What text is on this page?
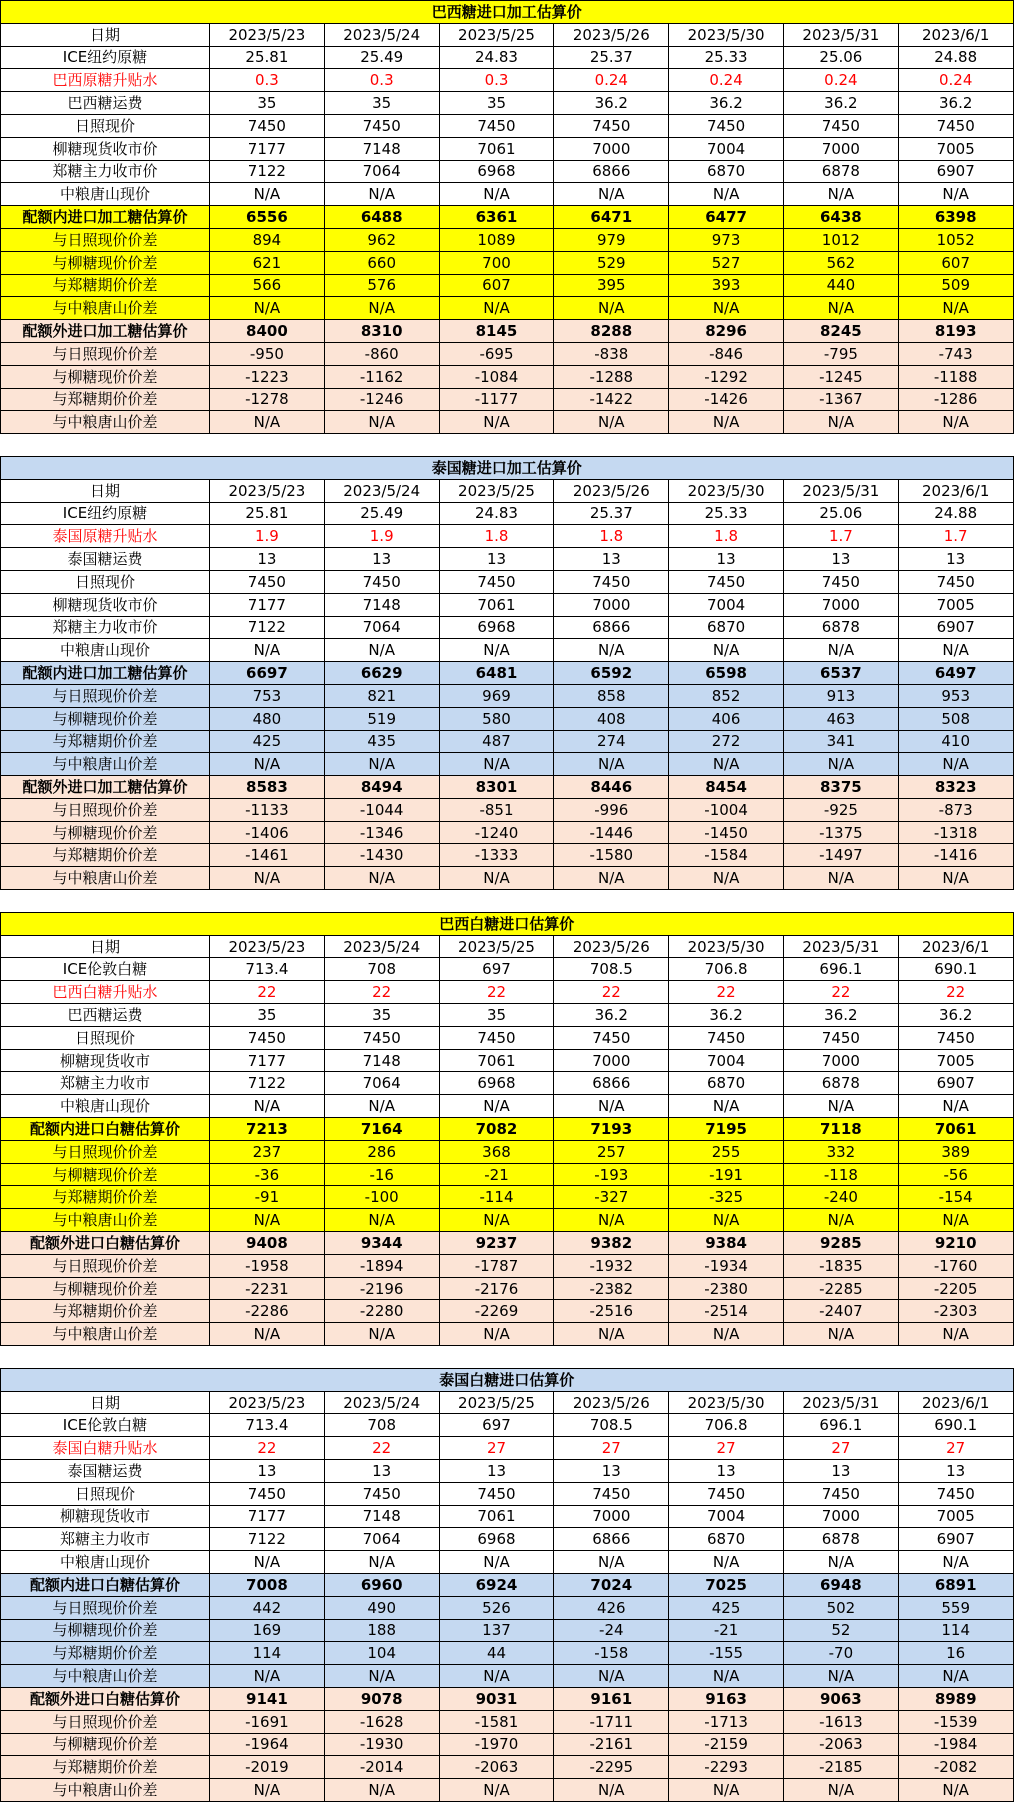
巴西糖进口加工估算价							
日期	2023/5/23	2023/5/24	2023/5/25	2023/5/26	2023/5/30	2023/5/31	2023/6/1
ICE纽约原糖	25.81	25.49	24.83	25.37	25.33	25.06	24.88
巴西原糖升贴水	0.3	0.3	0.3	0.24	0.24	0.24	0.24
巴西糖运费	35	35	35	36.2	36.2	36.2	36.2
日照现价	7450	7450	7450	7450	7450	7450	7450
柳糖现货收市价	7177	7148	7061	7000	7004	7000	7005
郑糖主力收市价	7122	7064	6968	6866	6870	6878	6907
中粮唐山现价	N/A	N/A	N/A	N/A	N/A	N/A	N/A
配额内进口加工糖估算价	6556	6488	6361	6471	6477	6438	6398
与日照现价价差	894	962	1089	979	973	1012	1052
与柳糖现价价差	621	660	700	529	527	562	607
与郑糖期价价差	566	576	607	395	393	440	509
与中粮唐山价差	N/A	N/A	N/A	N/A	N/A	N/A	N/A
配额外进口加工糖估算价	8400	8310	8145	8288	8296	8245	8193
与日照现价价差	-950	-860	-695	-838	-846	-795	-743
与柳糖现价价差	-1223	-1162	-1084	-1288	-1292	-1245	-1188
与郑糖期价价差	-1278	-1246	-1177	-1422	-1426	-1367	-1286
与中粮唐山价差	N/A	N/A	N/A	N/A	N/A	N/A	N/A

泰国糖进口加工估算价							
日期	2023/5/23	2023/5/24	2023/5/25	2023/5/26	2023/5/30	2023/5/31	2023/6/1
ICE纽约原糖	25.81	25.49	24.83	25.37	25.33	25.06	24.88
泰国原糖升贴水	1.9	1.9	1.8	1.8	1.8	1.7	1.7
泰国糖运费	13	13	13	13	13	13	13
日照现价	7450	7450	7450	7450	7450	7450	7450
柳糖现货收市价	7177	7148	7061	7000	7004	7000	7005
郑糖主力收市价	7122	7064	6968	6866	6870	6878	6907
中粮唐山现价	N/A	N/A	N/A	N/A	N/A	N/A	N/A
配额内进口加工糖估算价	6697	6629	6481	6592	6598	6537	6497
与日照现价价差	753	821	969	858	852	913	953
与柳糖现价价差	480	519	580	408	406	463	508
与郑糖期价价差	425	435	487	274	272	341	410
与中粮唐山价差	N/A	N/A	N/A	N/A	N/A	N/A	N/A
配额外进口加工糖估算价	8583	8494	8301	8446	8454	8375	8323
与日照现价价差	-1133	-1044	-851	-996	-1004	-925	-873
与柳糖现价价差	-1406	-1346	-1240	-1446	-1450	-1375	-1318
与郑糖期价价差	-1461	-1430	-1333	-1580	-1584	-1497	-1416
与中粮唐山价差	N/A	N/A	N/A	N/A	N/A	N/A	N/A

巴西白糖进口估算价							
日期	2023/5/23	2023/5/24	2023/5/25	2023/5/26	2023/5/30	2023/5/31	2023/6/1
ICE伦敦白糖	713.4	708	697	708.5	706.8	696.1	690.1
巴西白糖升贴水	22	22	22	22	22	22	22
巴西糖运费	35	35	35	36.2	36.2	36.2	36.2
日照现价	7450	7450	7450	7450	7450	7450	7450
柳糖现货收市	7177	7148	7061	7000	7004	7000	7005
郑糖主力收市	7122	7064	6968	6866	6870	6878	6907
中粮唐山现价	N/A	N/A	N/A	N/A	N/A	N/A	N/A
配额内进口白糖估算价	7213	7164	7082	7193	7195	7118	7061
与日照现价价差	237	286	368	257	255	332	389
与柳糖现价价差	-36	-16	-21	-193	-191	-118	-56
与郑糖期价价差	-91	-100	-114	-327	-325	-240	-154
与中粮唐山价差	N/A	N/A	N/A	N/A	N/A	N/A	N/A
配额外进口白糖估算价	9408	9344	9237	9382	9384	9285	9210
与日照现价价差	-1958	-1894	-1787	-1932	-1934	-1835	-1760
与柳糖现价价差	-2231	-2196	-2176	-2382	-2380	-2285	-2205
与郑糖期价价差	-2286	-2280	-2269	-2516	-2514	-2407	-2303
与中粮唐山价差	N/A	N/A	N/A	N/A	N/A	N/A	N/A

泰国白糖进口估算价							
日期	2023/5/23	2023/5/24	2023/5/25	2023/5/26	2023/5/30	2023/5/31	2023/6/1
ICE伦敦白糖	713.4	708	697	708.5	706.8	696.1	690.1
泰国白糖升贴水	22	22	27	27	27	27	27
泰国糖运费	13	13	13	13	13	13	13
日照现价	7450	7450	7450	7450	7450	7450	7450
柳糖现货收市	7177	7148	7061	7000	7004	7000	7005
郑糖主力收市	7122	7064	6968	6866	6870	6878	6907
中粮唐山现价	N/A	N/A	N/A	N/A	N/A	N/A	N/A
配额内进口白糖估算价	7008	6960	6924	7024	7025	6948	6891
与日照现价价差	442	490	526	426	425	502	559
与柳糖现价价差	169	188	137	-24	-21	52	114
与郑糖期价价差	114	104	44	-158	-155	-70	16
与中粮唐山价差	N/A	N/A	N/A	N/A	N/A	N/A	N/A
配额外进口白糖估算价	9141	9078	9031	9161	9163	9063	8989
与日照现价价差	-1691	-1628	-1581	-1711	-1713	-1613	-1539
与柳糖现价价差	-1964	-1930	-1970	-2161	-2159	-2063	-1984
与郑糖期价价差	-2019	-2014	-2063	-2295	-2293	-2185	-2082
与中粮唐山价差	N/A	N/A	N/A	N/A	N/A	N/A	N/A
